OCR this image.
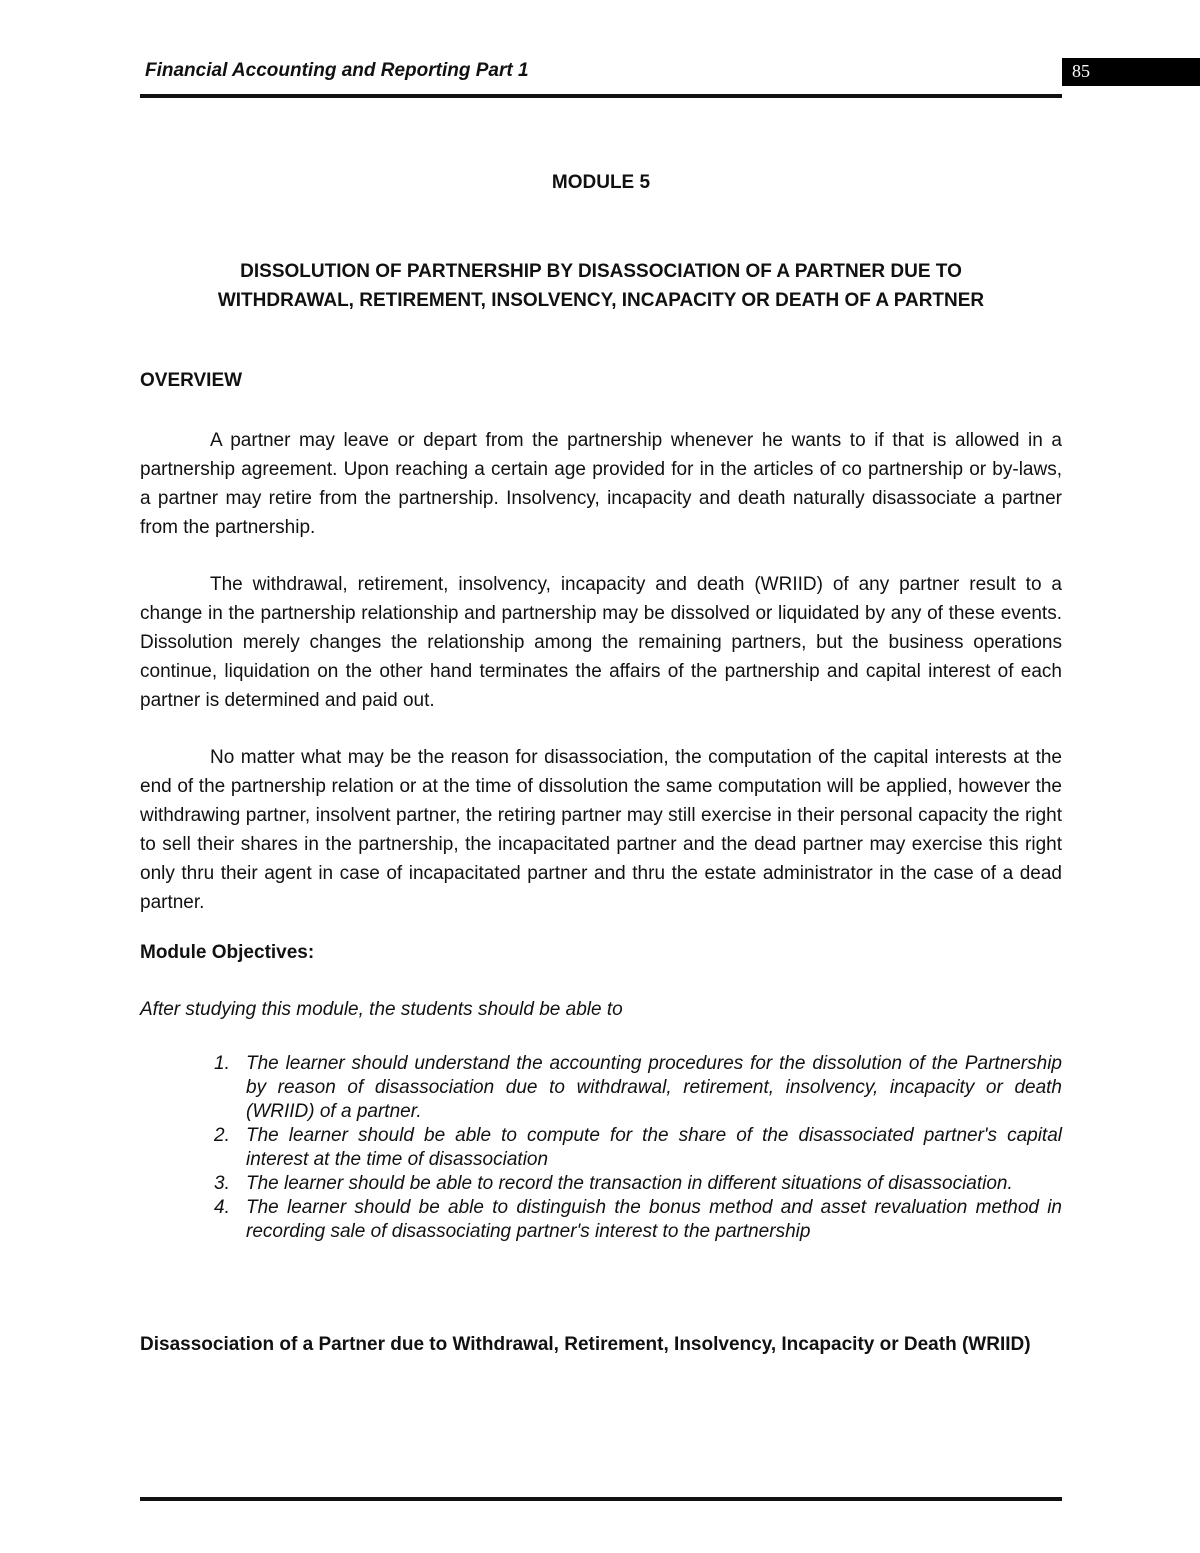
Financial Accounting and Reporting Part 1	85
MODULE 5
DISSOLUTION OF PARTNERSHIP BY DISASSOCIATION OF A PARTNER DUE TO
WITHDRAWAL, RETIREMENT, INSOLVENCY, INCAPACITY OR DEATH OF A PARTNER
OVERVIEW

A partner may leave or depart from the partnership whenever he wants to if that is allowed in a partnership agreement. Upon reaching a certain age provided for in the articles of co partnership or by-laws, a partner may retire from the partnership. Insolvency, incapacity and death naturally disassociate a partner from the partnership.

The withdrawal, retirement, insolvency, incapacity and death (WRIID) of any partner result to a change in the partnership relationship and partnership may be dissolved or liquidated by any of these events. Dissolution merely changes the relationship among the remaining partners, but the business operations continue, liquidation on the other hand terminates the affairs of the partnership and capital interest of each partner is determined and paid out.

No matter what may be the reason for disassociation, the computation of the capital interests at the end of the partnership relation or at the time of dissolution the same computation will be applied, however the withdrawing partner, insolvent partner, the retiring partner may still exercise in their personal capacity the right to sell their shares in the partnership, the incapacitated partner and the dead partner may exercise this right only thru their agent in case of incapacitated partner and thru the estate administrator in the case of a dead partner.

Module Objectives:
After studying this module, the students should be able to
1. The learner should understand the accounting procedures for the dissolution of the Partnership by reason of disassociation due to withdrawal, retirement, insolvency, incapacity or death (WRIID) of a partner.
2. The learner should be able to compute for the share of the disassociated partner's capital interest at the time of disassociation
3. The learner should be able to record the transaction in different situations of disassociation.
4. The learner should be able to distinguish the bonus method and asset revaluation method in recording sale of disassociating partner's interest to the partnership
Disassociation of a Partner due to Withdrawal, Retirement, Insolvency, Incapacity or Death (WRIID)
